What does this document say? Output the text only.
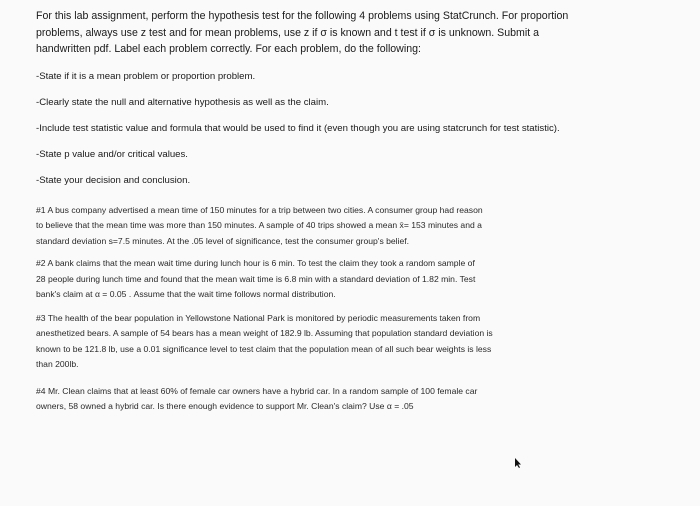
For this lab assignment, perform the hypothesis test for the following 4 problems using StatCrunch. For proportion

problems, always use z test and for mean problems, use z if σ is known and t test if σ is unknown. Submit a

handwritten pdf. Label each problem correctly. For each problem, do the following:

-State if it is a mean problem or proportion problem.

-Clearly state the null and alternative hypothesis as well as the claim.

-Include test statistic value and formula that would be used to find it (even though you are using statcrunch for test statistic).

-State p value and/or critical values.

-State your decision and conclusion.

#1 A bus company advertised a mean time of 150 minutes for a trip between two cities. A consumer group had reason
to believe that the mean time was more than 150 minutes. A sample of 40 trips showed a mean x̄= 153 minutes and a
standard deviation s=7.5 minutes. At the .05 level of significance, test the consumer group's belief.
#2 A bank claims that the mean wait time during lunch hour is 6 min. To test the claim they took a random sample of
28 people during lunch time and found that the mean wait time is 6.8 min with a standard deviation of 1.82 min. Test
bank's claim at α = 0.05 . Assume that the wait time follows normal distribution.
#3 The health of the bear population in Yellowstone National Park is monitored by periodic measurements taken from
anesthetized bears. A sample of 54 bears has a mean weight of 182.9 lb. Assuming that population standard deviation is
known to be 121.8 lb, use a 0.01 significance level to test claim that the population mean of all such bear weights is less
than 200lb.
#4 Mr. Clean claims that at least 60% of female car owners have a hybrid car. In a random sample of 100 female car
owners, 58 owned a hybrid car. Is there enough evidence to support Mr. Clean's claim? Use α = .05
